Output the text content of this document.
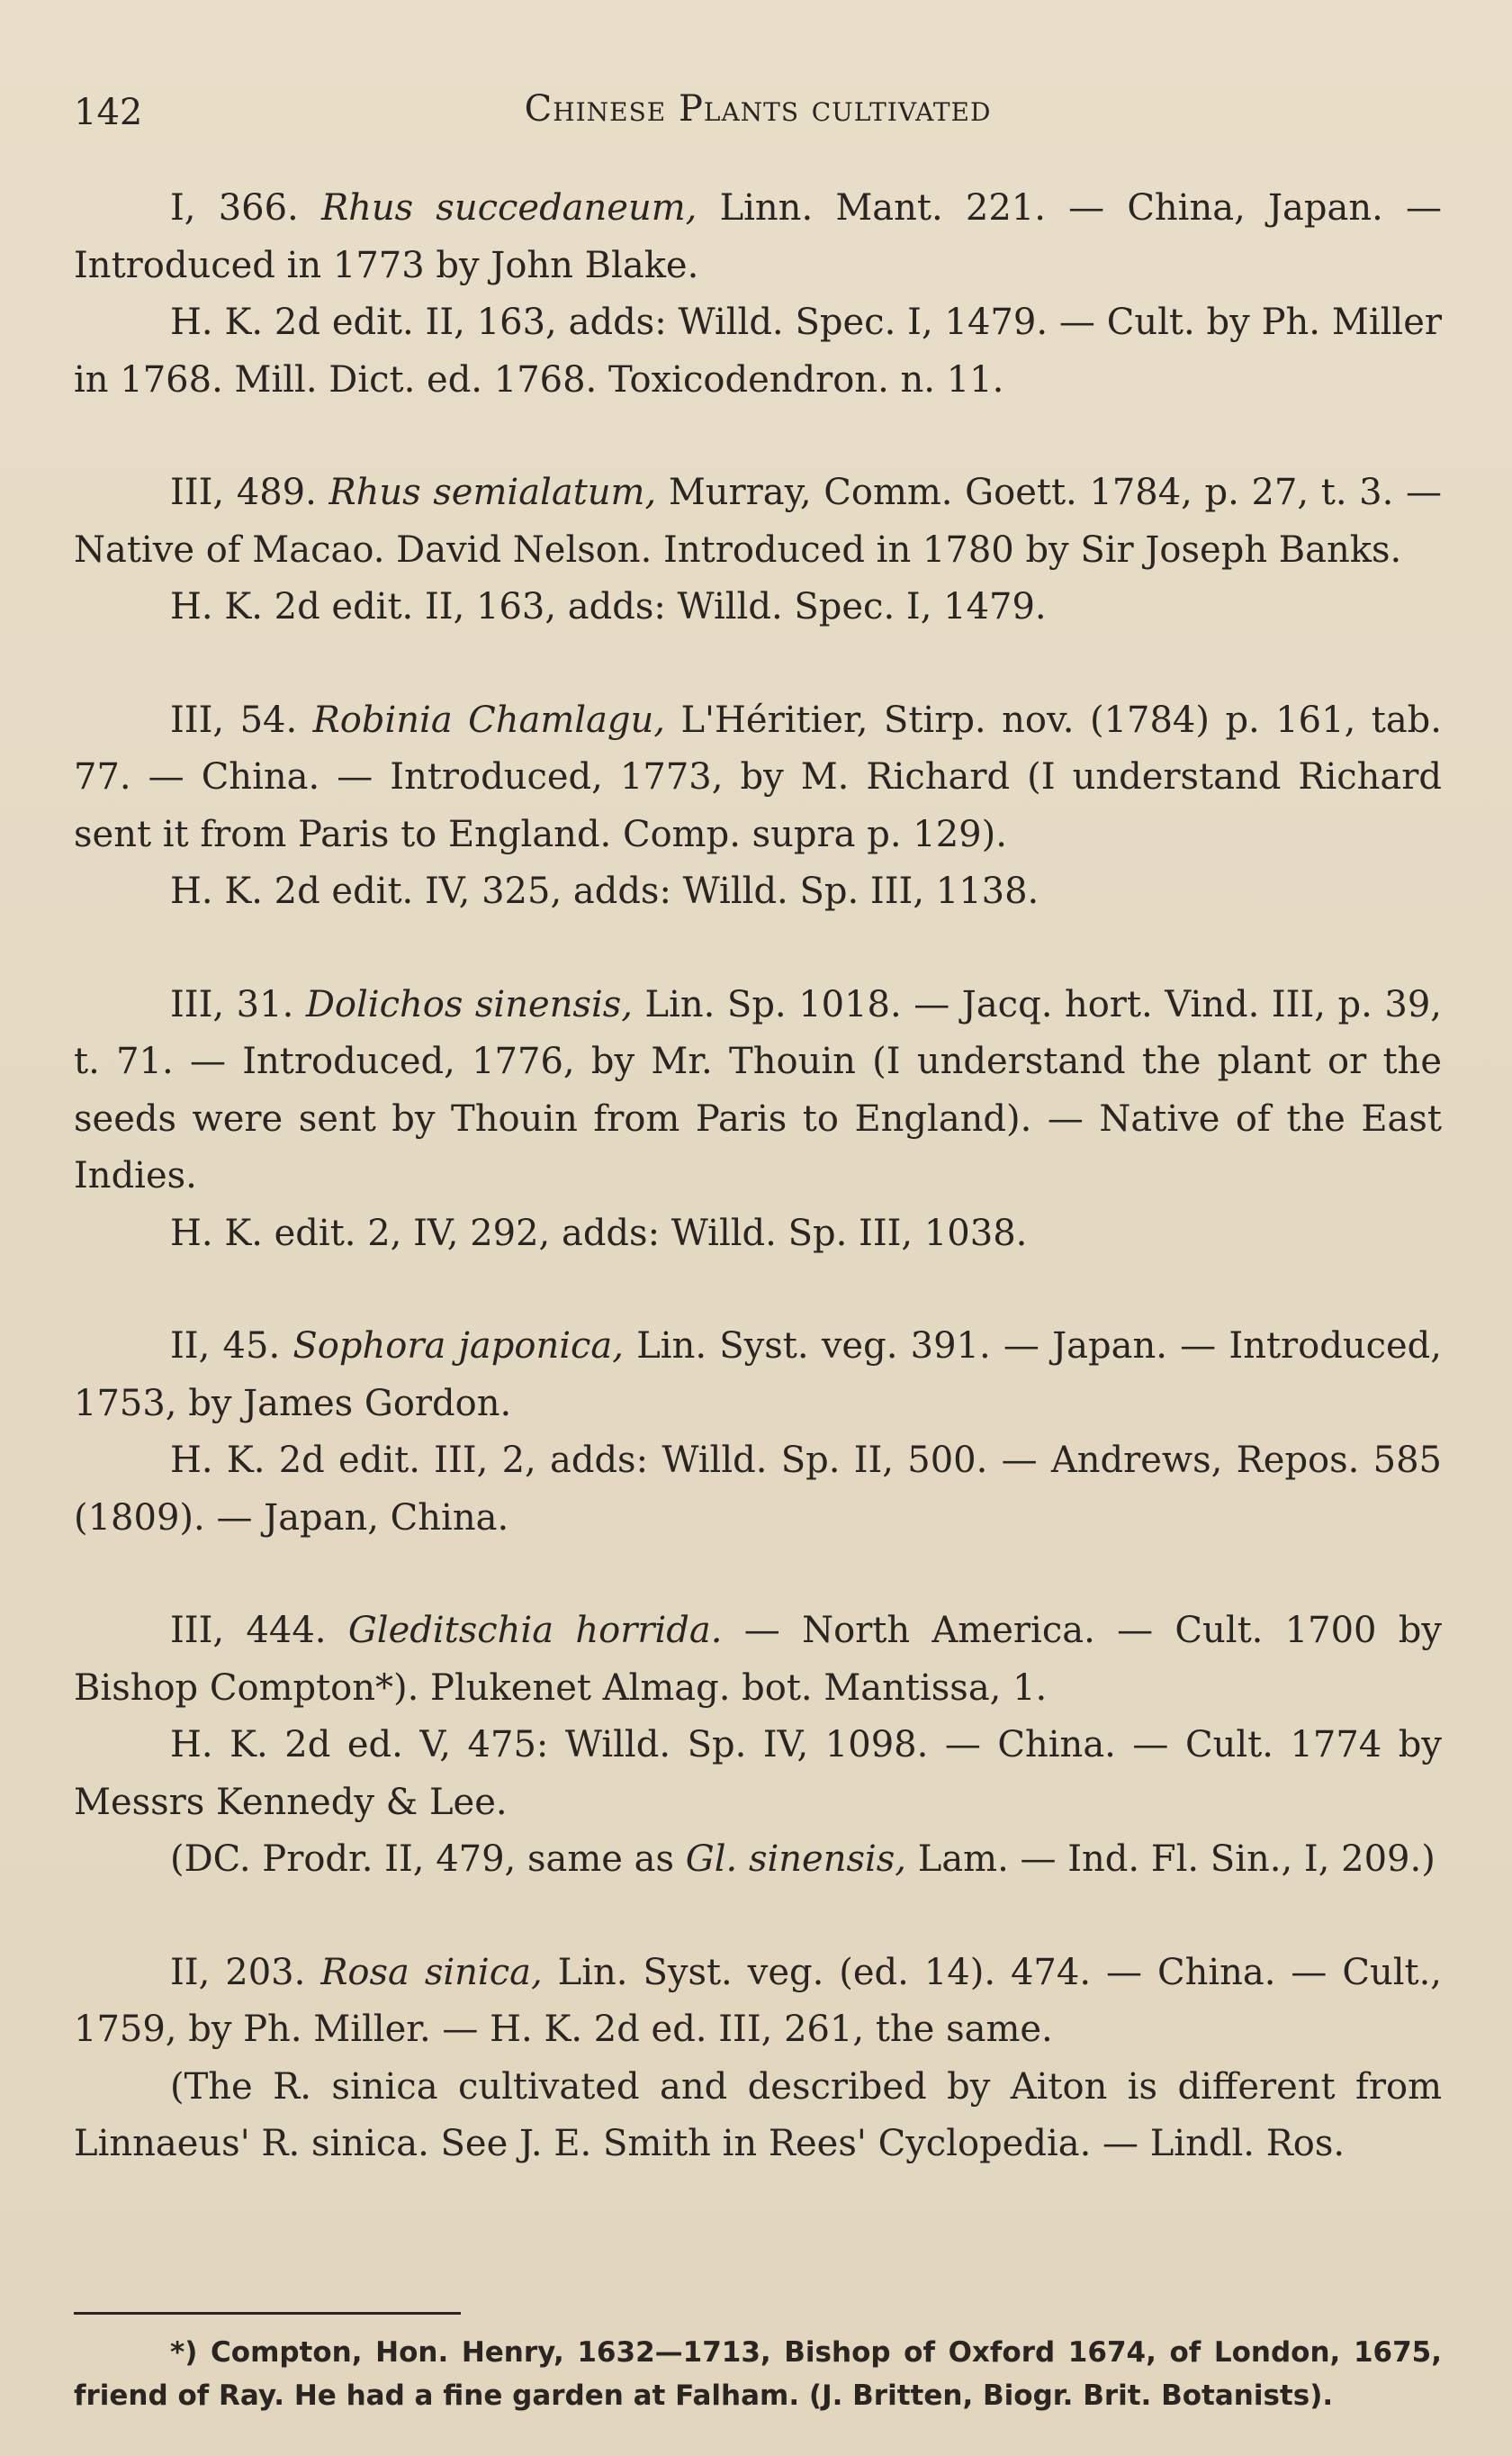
142	Chinese Plants cultivated

I, 366. Rhus succedaneum, Linn. Mant. 221. — China, Japan. — Introduced in 1773 by John Blake.

H. K. 2d edit. II, 163, adds: Willd. Spec. I, 1479. — Cult. by Ph. Miller in 1768. Mill. Dict. ed. 1768. Toxicodendron. n. 11.

III, 489. Rhus semialatum, Murray, Comm. Goett. 1784, p. 27, t. 3. — Native of Macao. David Nelson. Introduced in 1780 by Sir Joseph Banks.

H. K. 2d edit. II, 163, adds: Willd. Spec. I, 1479.

III, 54. Robinia Chamlagu, L'Héritier, Stirp. nov. (1784) p. 161, tab. 77. — China. — Introduced, 1773, by M. Richard (I understand Richard sent it from Paris to England. Comp. supra p. 129).

H. K. 2d edit. IV, 325, adds: Willd. Sp. III, 1138.

III, 31. Dolichos sinensis, Lin. Sp. 1018. — Jacq. hort. Vind. III, p. 39, t. 71. — Introduced, 1776, by Mr. Thouin (I understand the plant or the seeds were sent by Thouin from Paris to England). — Native of the East Indies.

H. K. edit. 2, IV, 292, adds: Willd. Sp. III, 1038.

II, 45. Sophora japonica, Lin. Syst. veg. 391. — Japan. — Introduced, 1753, by James Gordon.

H. K. 2d edit. III, 2, adds: Willd. Sp. II, 500. — Andrews, Repos. 585 (1809). — Japan, China.

III, 444. Gleditschia horrida. — North America. — Cult. 1700 by Bishop Compton*). Plukenet Almag. bot. Mantissa, 1.

H. K. 2d ed. V, 475: Willd. Sp. IV, 1098. — China. — Cult. 1774 by Messrs Kennedy & Lee.

(DC. Prodr. II, 479, same as Gl. sinensis, Lam. — Ind. Fl. Sin., I, 209.)

II, 203. Rosa sinica, Lin. Syst. veg. (ed. 14). 474. — China. — Cult., 1759, by Ph. Miller. — H. K. 2d ed. III, 261, the same.

(The R. sinica cultivated and described by Aiton is different from Linnaeus' R. sinica. See J. E. Smith in Rees' Cyclopedia. — Lindl. Ros.

*) Compton, Hon. Henry, 1632—1713, Bishop of Oxford 1674, of London, 1675, friend of Ray. He had a fine garden at Falham. (J. Britten, Biogr. Brit. Botanists).
